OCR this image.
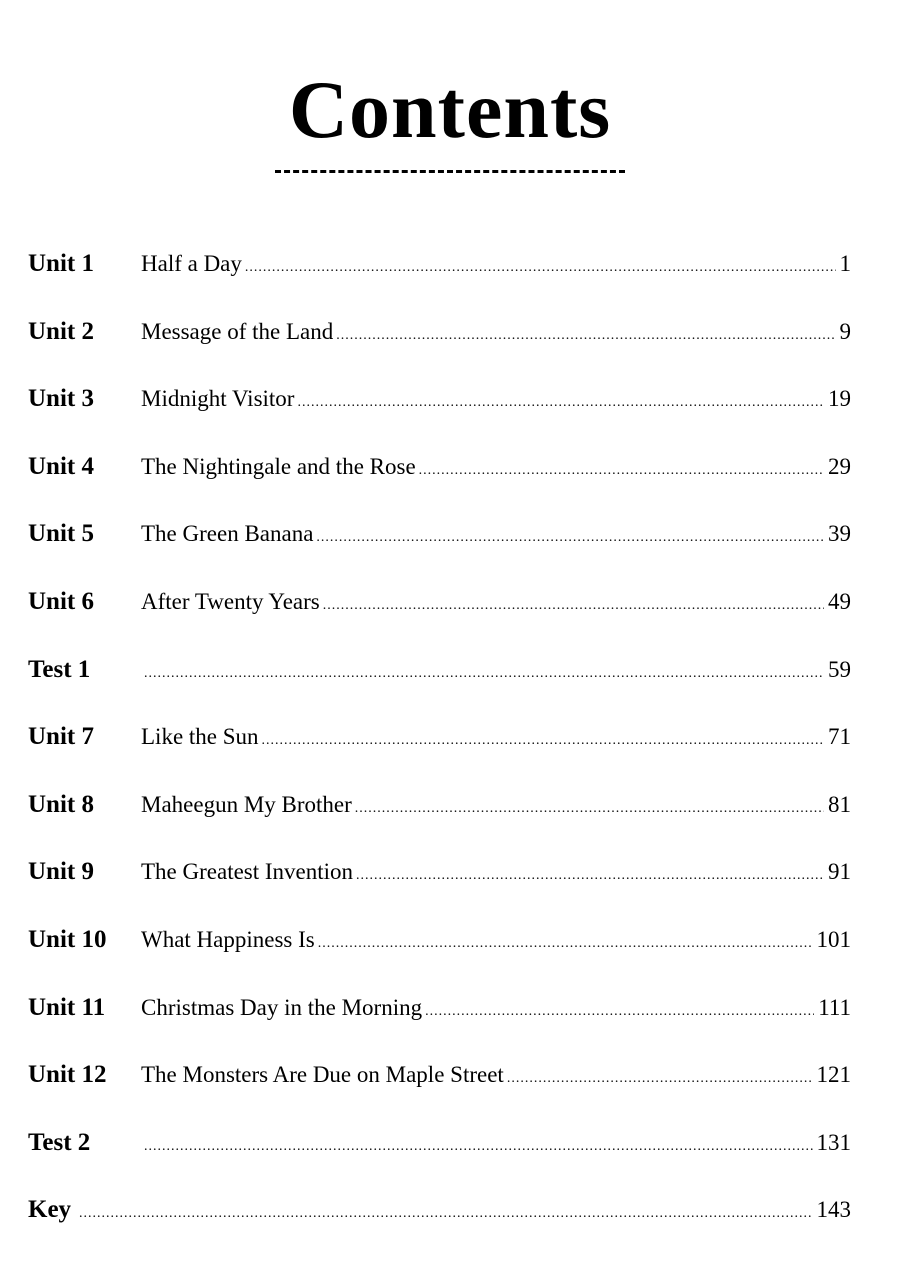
Contents
Unit 1 Half a Day .....	1
Unit 2 Message of the Land .....	9
Unit 3 Midnight Visitor .....	19
Unit 4 The Nightingale and the Rose .....	29
Unit 5 The Green Banana .....	39
Unit 6 After Twenty Years .....	49
Test 1 .....	59
Unit 7 Like the Sun .....	71
Unit 8 Maheegun My Brother .....	81
Unit 9 The Greatest Invention .....	91
Unit 10 What Happiness Is .....	101
Unit 11 Christmas Day in the Morning .....	111
Unit 12 The Monsters Are Due on Maple Street .....	121
Test 2 .....	131
Key .....	143
